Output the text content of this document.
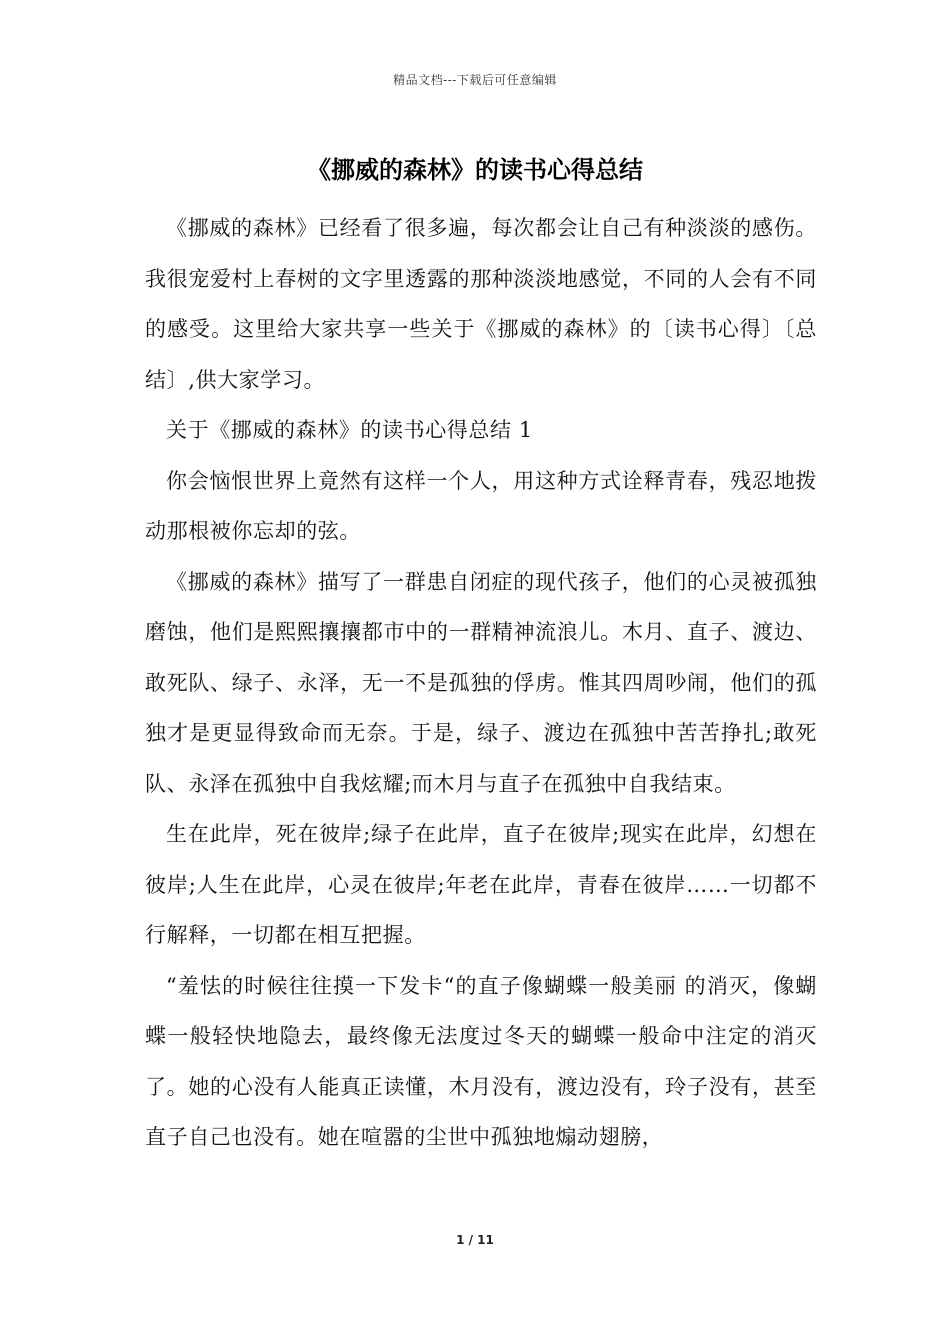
精品文档---下载后可任意编辑
《挪威的森林》的读书心得总结

《挪威的森林》已经看了很多遍，每次都会让自己有种淡淡的感伤。我很宠爱村上春树的文字里透露的那种淡淡地感觉，不同的人会有不同的感受。这里给大家共享一些关于《挪威的森林》的〔读书心得〕〔总结〕,供大家学习。

关于《挪威的森林》的读书心得总结 1

你会恼恨世界上竟然有这样一个人，用这种方式诠释青春，残忍地拨动那根被你忘却的弦。

《挪威的森林》描写了一群患自闭症的现代孩子，他们的心灵被孤独磨蚀，他们是熙熙攘攘都市中的一群精神流浪儿。木月、直子、渡边、敢死队、绿子、永泽，无一不是孤独的俘虏。惟其四周吵闹，他们的孤独才是更显得致命而无奈。于是，绿子、渡边在孤独中苦苦挣扎;敢死队、永泽在孤独中自我炫耀;而木月与直子在孤独中自我结束。

生在此岸，死在彼岸;绿子在此岸，直子在彼岸;现实在此岸，幻想在彼岸;人生在此岸，心灵在彼岸;年老在此岸，青春在彼岸……一切都不行解释，一切都在相互把握。

“羞怯的时候往往摸一下发卡“的直子像蝴蝶一般美丽 的消灭，像蝴蝶一般轻快地隐去，最终像无法度过冬天的蝴蝶一般命中注定的消灭了。她的心没有人能真正读懂，木月没有，渡边没有，玲子没有，甚至直子自己也没有。她在喧嚣的尘世中孤独地煽动翅膀，

1 / 11
